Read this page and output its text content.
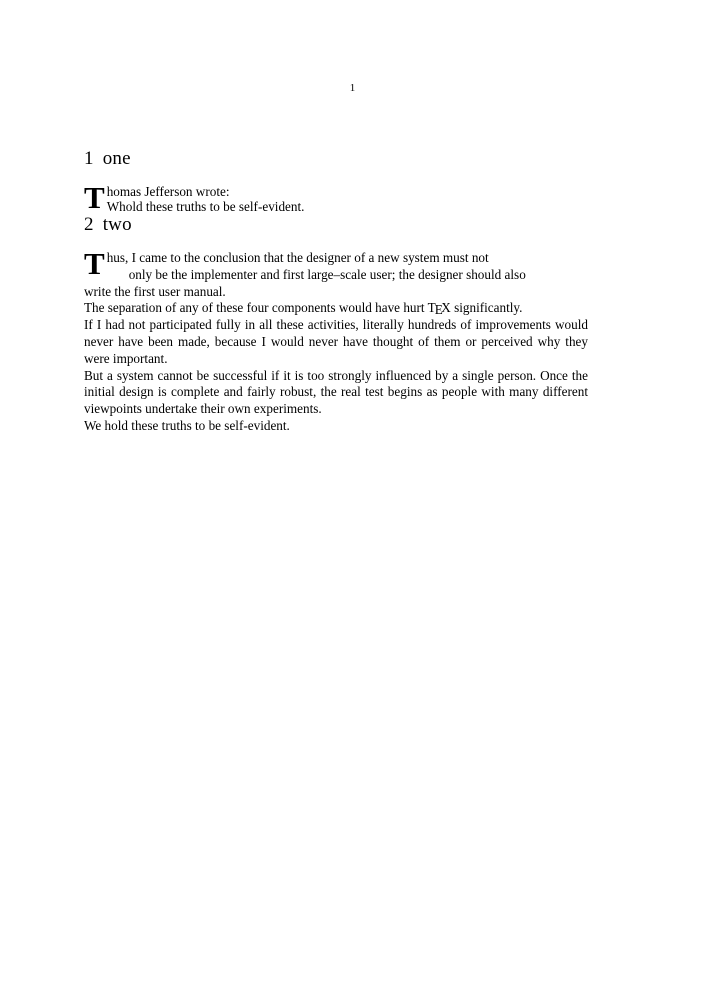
1
1 one
T homas Jefferson wrote:
Whold these truths to be self-evident.
2 two
T hus, I came to the conclusion that the designer of a new system must not
only be the implementer and first large–scale user; the designer should also
write the first user manual.
The separation of any of these four components would have hurt TEX significantly.
If I had not participated fully in all these activities, literally hundreds of improvements would never have been made, because I would never have thought of them or perceived why they were important.
But a system cannot be successful if it is too strongly influenced by a single person. Once the initial design is complete and fairly robust, the real test begins as people with many different viewpoints undertake their own experiments.
We hold these truths to be self-evident.
